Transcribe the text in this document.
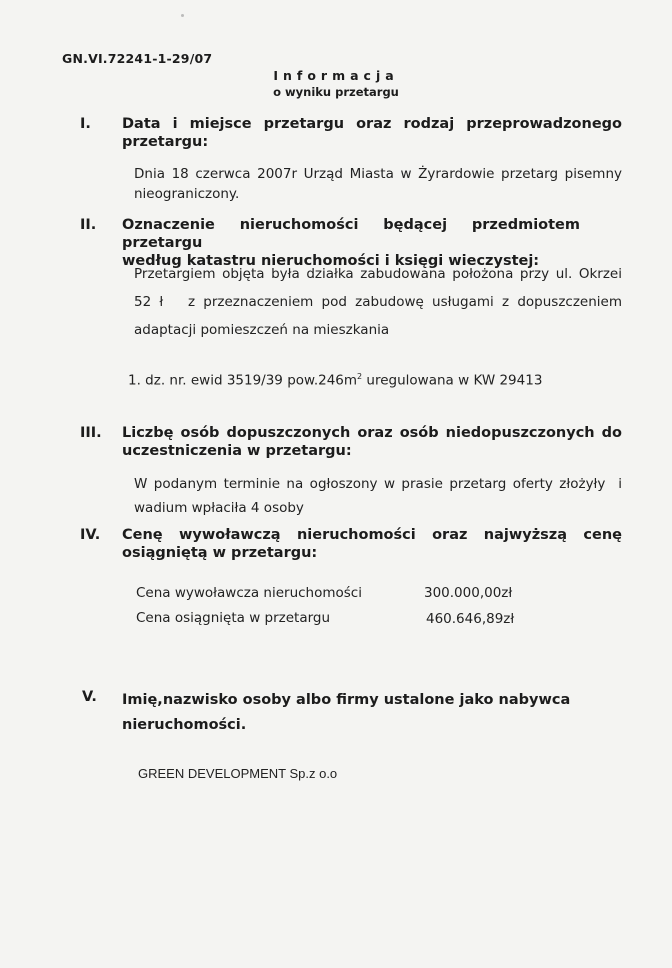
GN.VI.72241-1-29/07
Informacja
o wyniku przetargu
I. Data i miejsce przetargu oraz rodzaj przeprowadzonego
przetargu:
Dnia 18 czerwca 2007r Urząd Miasta w Żyrardowie przetarg pisemny
nieograniczony.
II. Oznaczenie nieruchomości będącej przedmiotem przetargu
według katastru nieruchomości i księgi wieczystej:
Przetargiem objęta była działka zabudowana położona przy ul. Okrzei
52 ł   z przeznaczeniem pod zabudowę usługami z dopuszczeniem
adaptacji pomieszczeń na mieszkania
1. dz. nr. ewid 3519/39 $pow.246m^2$ uregulowana w KW 29413
III. Liczbę osób dopuszczonych oraz osób niedopuszczonych do
uczestniczenia w przetargu:
W podanym terminie na ogłoszony w prasie przetarg oferty złożyły  i
wadium wpłaciła 4 osoby
IV. Cenę wywoławczą nieruchomości oraz najwyższą cenę
osiągniętą w przetargu:
Cena wywoławcza nieruchomości	300.000,00zł
Cena osiągnięta w przetargu	460.646,89zł
V. Imię,nazwisko osoby albo firmy ustalone jako nabywca
nieruchomości.
GREEN DEVELOPMENT Sp.z o.o
